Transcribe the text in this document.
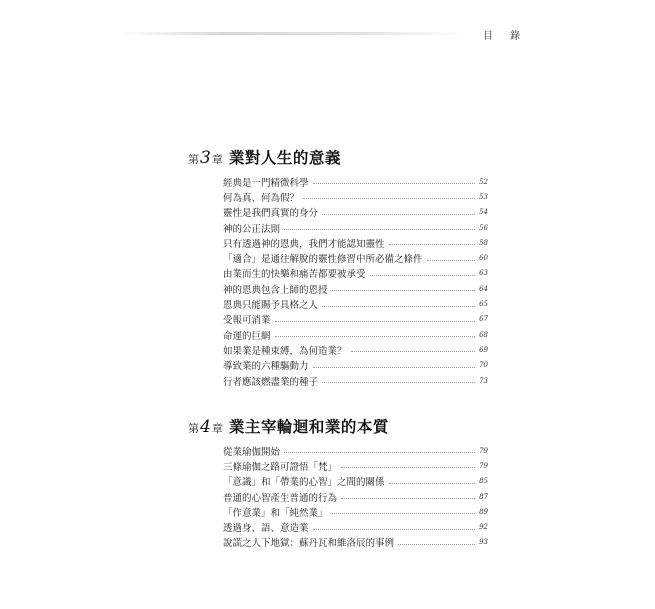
目 錄
第 3 章 業對人生的意義
經典是一門精微科學	52
何為真、何為假？	53
靈性是我們真實的身分	54
神的公正法則	56
只有透過神的恩典，我們才能認知靈性	58
「適合」是通往解脫的靈性修習中所必備之條件	60
由業而生的快樂和痛苦都要被承受	63
神的恩典包含上師的恩授	64
恩典只能賜予具格之人	65
受報可消業	67
命運的巨網	68
如果業是種束縛，為何造業？	69
導致業的六種驅動力	70
行者應該燃盡業的種子	73
第 4 章 業主宰輪迴和業的本質
從業瑜伽開始	79
三條瑜伽之路可證悟「梵」	79
「意識」和「帶業的心智」之間的關係	85
普通的心智產生普通的行為	87
「作意業」和「純然業」	89
透過身、語、意造業	92
說謊之人下地獄：蘇丹瓦和維洛辰的事例	93
